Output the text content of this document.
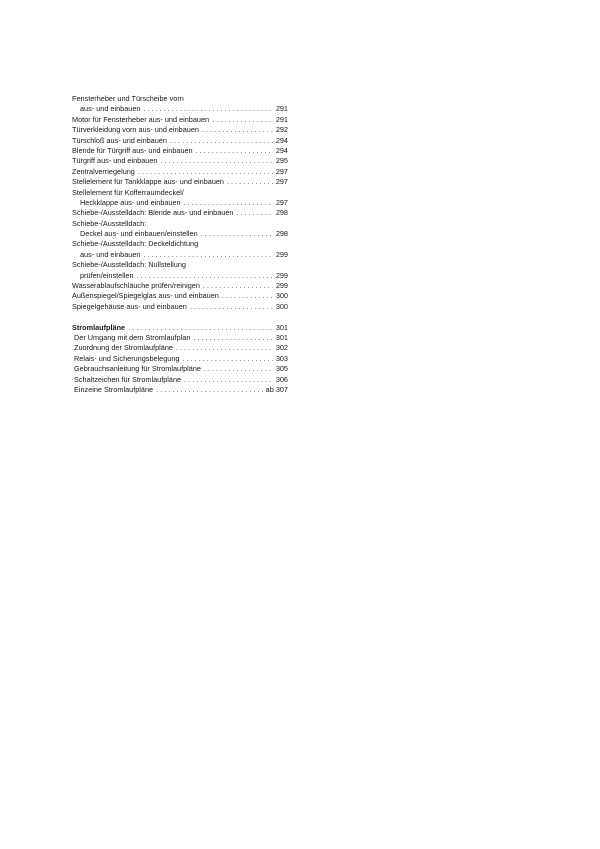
Fensterheber und Türscheibe vorn
aus- und einbauen . . .	291
Motor für Fensterheber aus- und einbauen . . .	291
Türverkleidung vorn aus- und einbauen . . .	292
Türschloß aus- und einbauen . . .	294
Blende für Türgriff aus- und einbauen . . .	294
Türgriff aus- und einbauen . . .	295
Zentralverriegelung . . .	297
Stellelement für Tankklappe aus- und einbauen . . .	297
Stellelement für Kofferraumdeckel/
Heckklappe aus- und einbauen . . .	297
Schiebe-/Ausstelldach: Blende aus- und einbauen . . .	298
Schiebe-/Ausstelldach:
Deckel aus- und einbauen/einstellen . . .	298
Schiebe-/Ausstelldach: Deckeldichtung
aus- und einbauen . . .	299
Schiebe-/Ausstelldach: Nullstellung
prüfen/einstellen . . .	299
Wasserablaufschläuche prüfen/reinigen . . .	299
Außenspiegel/Spiegelglas aus- und einbauen . . .	300
Spiegelgehäuse aus- und einbauen . . .	300
Stromlaufpläne . . .	301
Der Umgang mit dem Stromlaufplan . . .	301
Zuordnung der Stromlaufpläne . . .	302
Relais- und Sicherungsbelegung . . .	303
Gebrauchsanleitung für Stromlaufpläne . . .	305
Schaltzeichen für Stromlaufpläne . . .	306
Einzeine Stromlaufpläne . . .	ab 307
